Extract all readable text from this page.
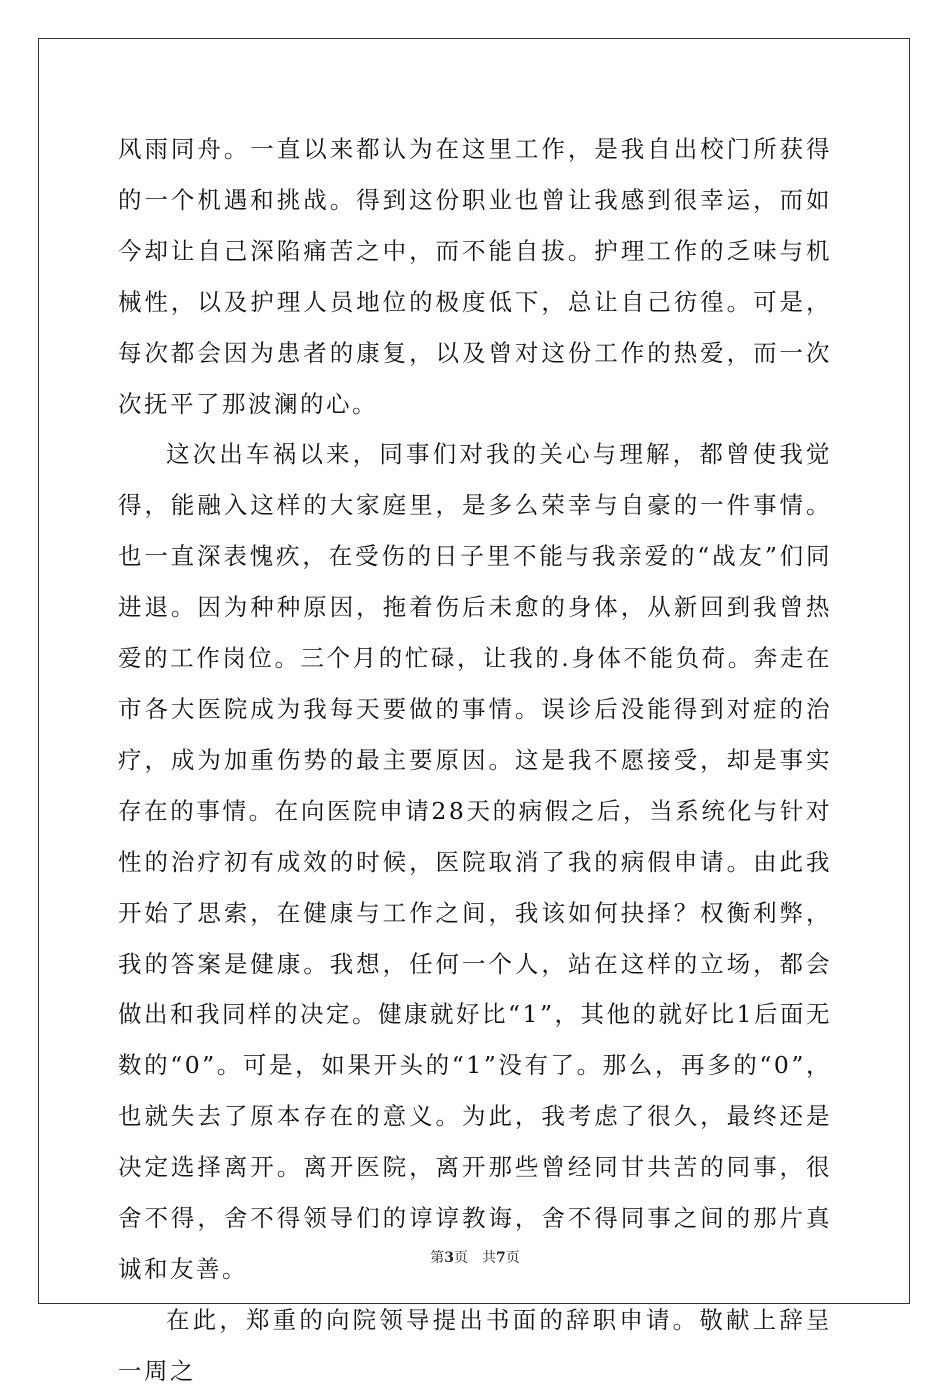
风雨同舟。一直以来都认为在这里工作，是我自出校门所获得的一个机遇和挑战。得到这份职业也曾让我感到很幸运，而如今却让自己深陷痛苦之中，而不能自拔。护理工作的乏味与机械性，以及护理人员地位的极度低下，总让自己彷徨。可是，每次都会因为患者的康复，以及曾对这份工作的热爱，而一次次抚平了那波澜的心。

这次出车祸以来，同事们对我的关心与理解，都曾使我觉得，能融入这样的大家庭里，是多么荣幸与自豪的一件事情。也一直深表愧疚，在受伤的日子里不能与我亲爱的“战友”们同进退。因为种种原因，拖着伤后未愈的身体，从新回到我曾热爱的工作岗位。三个月的忙碌，让我的.身体不能负荷。奔走在市各大医院成为我每天要做的事情。误诊后没能得到对症的治疗，成为加重伤势的最主要原因。这是我不愿接受，却是事实存在的事情。在向医院申请28天的病假之后，当系统化与针对性的治疗初有成效的时候，医院取消了我的病假申请。由此我开始了思索，在健康与工作之间，我该如何抉择？权衡利弊，我的答案是健康。我想，任何一个人，站在这样的立场，都会做出和我同样的决定。健康就好比“1”，其他的就好比1后面无数的“0”。可是，如果开头的“1”没有了。那么，再多的“0”，也就失去了原本存在的意义。为此，我考虑了很久，最终还是决定选择离开。离开医院，离开那些曾经同甘共苦的同事，很舍不得，舍不得领导们的谆谆教诲，舍不得同事之间的那片真诚和友善。

在此，郑重的向院领导提出书面的辞职申请。敬献上辞呈一周之

第3页　共7页
